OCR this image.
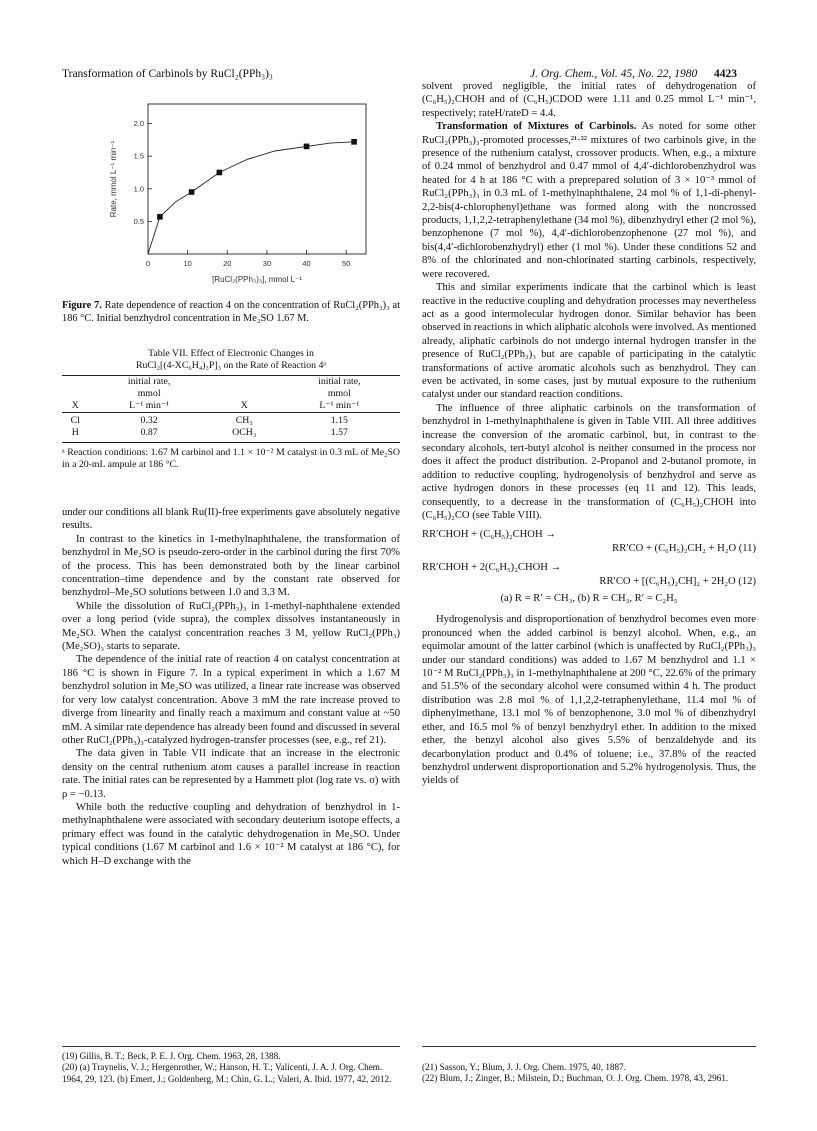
Transformation of Carbinols by RuCl₂(PPh₃)₃	J. Org. Chem., Vol. 45, No. 22, 1980 4423
0	10	20	30	40	50
0.5
1.0
1.5
2.0
[RuCl₂(PPh₃)₃], mmol L⁻¹
Rate, mmol L⁻¹ min⁻¹
Figure 7. Rate dependence of reaction 4 on the concentration of RuCl₂(PPh₃)₃ at 186 °C. Initial benzhydrol concentration in Me₂SO 1.67 M.
Table VII. Effect of Electronic Changes in
RuCl₂[(4-XC₆H₄)₃P]₃ on the Rate of Reaction 4ᵃ
	initial rate,		initial rate,
	mmol		mmol
X	L⁻¹ min⁻¹	X	L⁻¹ min⁻¹

Cl	0.32	CH₃	1.15
H	0.87	OCH₃	1.57

ᵃ Reaction conditions: 1.67 M carbinol and 1.1 × 10⁻² M catalyst in 0.3 mL of Me₂SO in a 20-mL ampule at 186 °C.

under our conditions all blank Ru(II)-free experiments gave absolutely negative results.

In contrast to the kinetics in 1-methylnaphthalene, the transformation of benzhydrol in Me₂SO is pseudo-zero-order in the carbinol during the first 70% of the process. This has been demonstrated both by the linear carbinol concentration–time dependence and by the constant rate observed for benzhydrol–Me₂SO solutions between 1.0 and 3.3 M.

While the dissolution of RuCl₂(PPh₃)₃ in 1-methyl-naphthalene extended over a long period (vide supra), the complex dissolves instantaneously in Me₂SO. When the catalyst concentration reaches 3 M, yellow RuCl₂(PPh₃)(Me₂SO)₃ starts to separate.

The dependence of the initial rate of reaction 4 on catalyst concentration at 186 °C is shown in Figure 7. In a typical experiment in which a 1.67 M benzhydrol solution in Me₂SO was utilized, a linear rate increase was observed for very low catalyst concentration. Above 3 mM the rate increase proved to diverge from linearity and finally reach a maximum and constant value at ~50 mM. A similar rate dependence has already been found and discussed in several other RuCl₂(PPh₃)₃-catalyzed hydrogen-transfer processes (see, e.g., ref 21).

The data given in Table VII indicate that an increase in the electronic density on the central ruthenium atom causes a parallel increase in reaction rate. The initial rates can be represented by a Hammett plot (log rate vs. σ) with ρ = −0.13.

While both the reductive coupling and dehydration of benzhydrol in 1-methylnaphthalene were associated with secondary deuterium isotope effects, a primary effect was found in the catalytic dehydrogenation in Me₂SO. Under typical conditions (1.67 M carbinol and 1.6 × 10⁻² M catalyst at 186 °C), for which H–D exchange with the

solvent proved negligible, the initial rates of dehydrogenation of (C₆H₅)₂CHOH and of (C₆H₅)CDOD were 1.11 and 0.25 mmol L⁻¹ min⁻¹, respectively; rateH/rateD = 4.4.

Transformation of Mixtures of Carbinols. As noted for some other RuCl₂(PPh₃)₃-promoted processes,²¹·²² mixtures of two carbinols give, in the presence of the ruthenium catalyst, crossover products. When, e.g., a mixture of 0.24 mmol of benzhydrol and 0.47 mmol of 4,4′-dichlorobenzhydrol was heated for 4 h at 186 °C with a preprepared solution of 3 × 10⁻³ mmol of RuCl₂(PPh₃)₃ in 0.3 mL of 1-methylnaphthalene, 24 mol % of 1,1-di-phenyl-2,2-bis(4-chlorophenyl)ethane was formed along with the noncrossed products, 1,1,2,2-tetraphenylethane (34 mol %), dibenzhydryl ether (2 mol %), benzophenone (7 mol %), 4,4′-dichlorobenzophenone (27 mol %), and bis(4,4′-dichlorobenzhydryl) ether (1 mol %). Under these conditions 52 and 8% of the chlorinated and non-chlorinated starting carbinols, respectively, were recovered.

This and similar experiments indicate that the carbinol which is least reactive in the reductive coupling and dehydration processes may nevertheless act as a good intermolecular hydrogen donor. Similar behavior has been observed in reactions in which aliphatic alcohols were involved. As mentioned already, aliphatic carbinols do not undergo internal hydrogen transfer in the presence of RuCl₂(PPh₃)₃ but are capable of participating in the catalytic transformations of active aromatic alcohols such as benzhydrol. They can even be activated, in some cases, just by mutual exposure to the ruthenium catalyst under our standard reaction conditions.

The influence of three aliphatic carbinols on the transformation of benzhydrol in 1-methylnaphthalene is given in Table VIII. All three additives increase the conversion of the aromatic carbinol, but, in contrast to the secondary alcohols, tert-butyl alcohol is neither consumed in the process nor does it affect the product distribution. 2-Propanol and 2-butanol promote, in addition to reductive coupling, hydrogenolysis of benzhydrol and serve as active hydrogen donors in these processes (eq 11 and 12). This leads, consequently, to a decrease in the transformation of (C₆H₅)₂CHOH into (C₆H₅)₂CO (see Table VIII).

RR′CHOH + (C₆H₅)₂CHOH →
RR′CO + (C₆H₅)₂CH₂ + H₂O (11)
RR′CHOH + 2(C₆H₅)₂CHOH →
RR′CO + [(C₆H₅)₂CH]₂ + 2H₂O (12)
(a) R = R′ = CH₃, (b) R = CH₃, R′ = C₂H₅

Hydrogenolysis and disproportionation of benzhydrol becomes even more pronounced when the added carbinol is benzyl alcohol. When, e.g., an equimolar amount of the latter carbinol (which is unaffected by RuCl₂(PPh₃)₃ under our standard conditions) was added to 1.67 M benzhydrol and 1.1 × 10⁻² M RuCl₂(PPh₃)₃ in 1-methylnaphthalene at 200 °C, 22.6% of the primary and 51.5% of the secondary alcohol were consumed within 4 h. The product distribution was 2.8 mol % of 1,1,2,2-tetraphenylethane, 11.4 mol % of diphenylmethane, 13.1 mol % of benzophenone, 3.0 mol % of dibenzhydryl ether, and 16.5 mol % of benzyl benzhydryl ether. In addition to the mixed ether, the benzyl alcohol also gives 5.5% of benzaldehyde and its decarbonylation product and 0.4% of toluene; i.e., 37.8% of the reacted benzhydrol underwent disproportionation and 5.2% hydrogenolysis. Thus, the yields of

(19) Gillis, B. T.; Beck, P. E. J. Org. Chem. 1963, 28, 1388.
(20) (a) Traynelis, V. J.; Hergenrother, W.; Hanson, H. T.; Valicenti, J. A. J. Org. Chem. 1964, 29, 123. (b) Emert, J.; Goldenberg, M.; Chin, G. L.; Valeri, A. Ibid. 1977, 42, 2012.
(21) Sasson, Y.; Blum, J. J. Org. Chem. 1975, 40, 1887.
(22) Blum, J.; Zinger, B.; Milstein, D.; Buchman, O. J. Org. Chem. 1978, 43, 2961.
